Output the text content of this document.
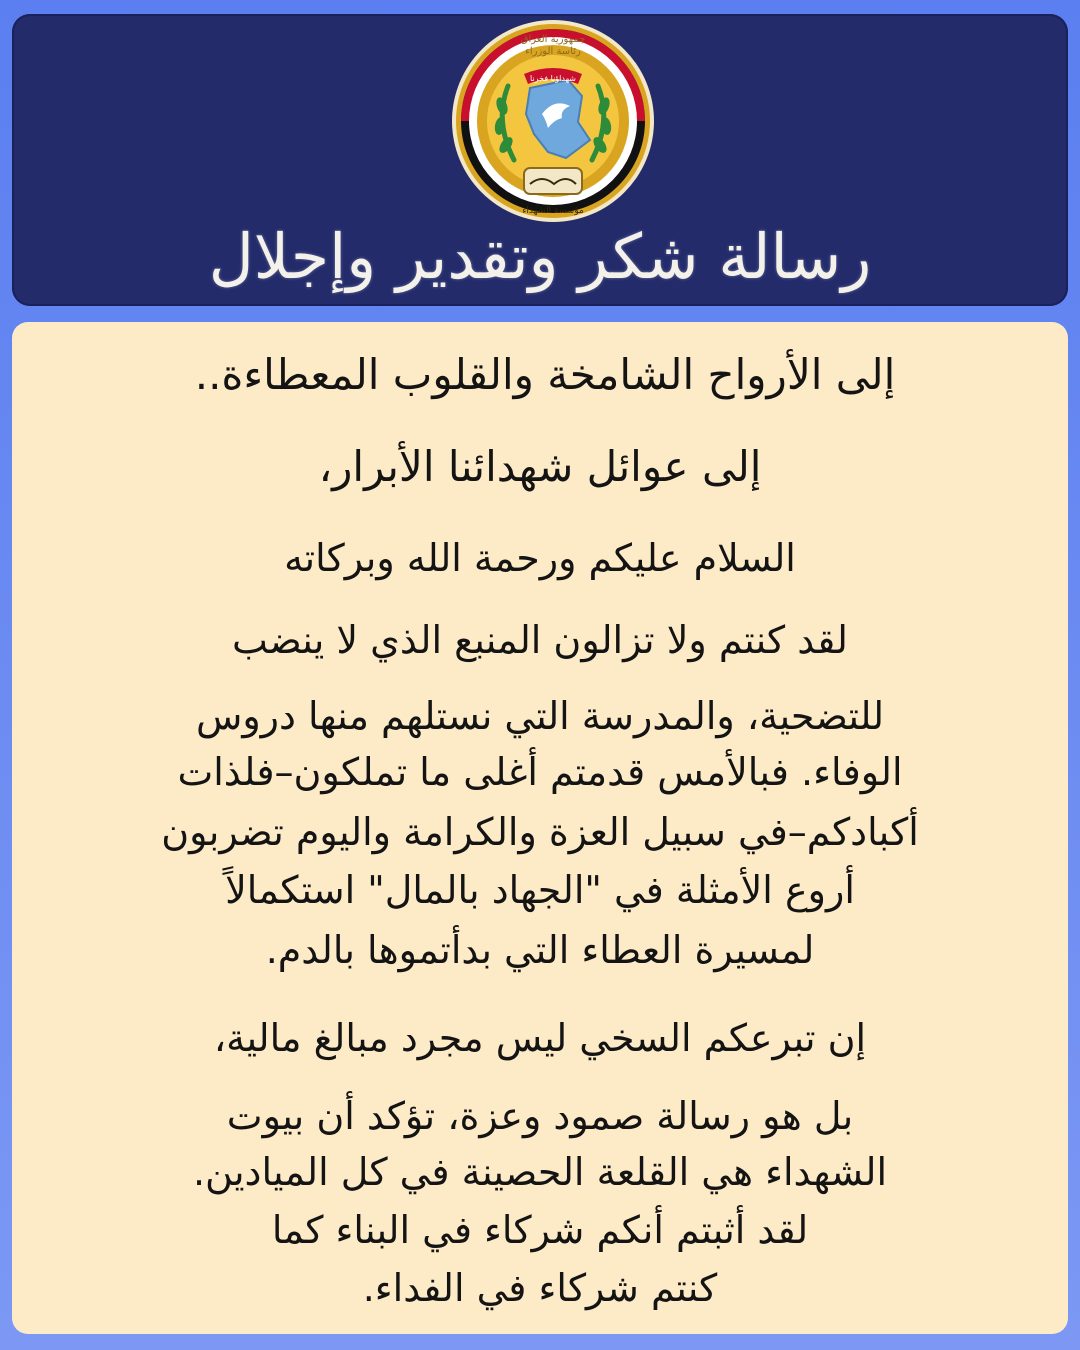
جمهورية العراق
رئاسة الوزراء
شهداؤنا فخرنا
مؤسسة الشهداء
رسالة شكر وتقدير وإجلال
إلى الأرواح الشامخة والقلوب المعطاءة..
إلى عوائل شهدائنا الأبرار،
السلام عليكم ورحمة الله وبركاته
لقد كنتم ولا تزالون المنبع الذي لا ينضب
للتضحية، والمدرسة التي نستلهم منها دروس
الوفاء. فبالأمس قدمتم أغلى ما تملكون–فلذات
أكبادكم–في سبيل العزة والكرامة واليوم تضربون
أروع الأمثلة في "الجهاد بالمال" استكمالاً
لمسيرة العطاء التي بدأتموها بالدم.
إن تبرعكم السخي ليس مجرد مبالغ مالية،
بل هو رسالة صمود وعزة، تؤكد أن بيوت
الشهداء هي القلعة الحصينة في كل الميادين.
لقد أثبتم أنكم شركاء في البناء كما
كنتم شركاء في الفداء.
